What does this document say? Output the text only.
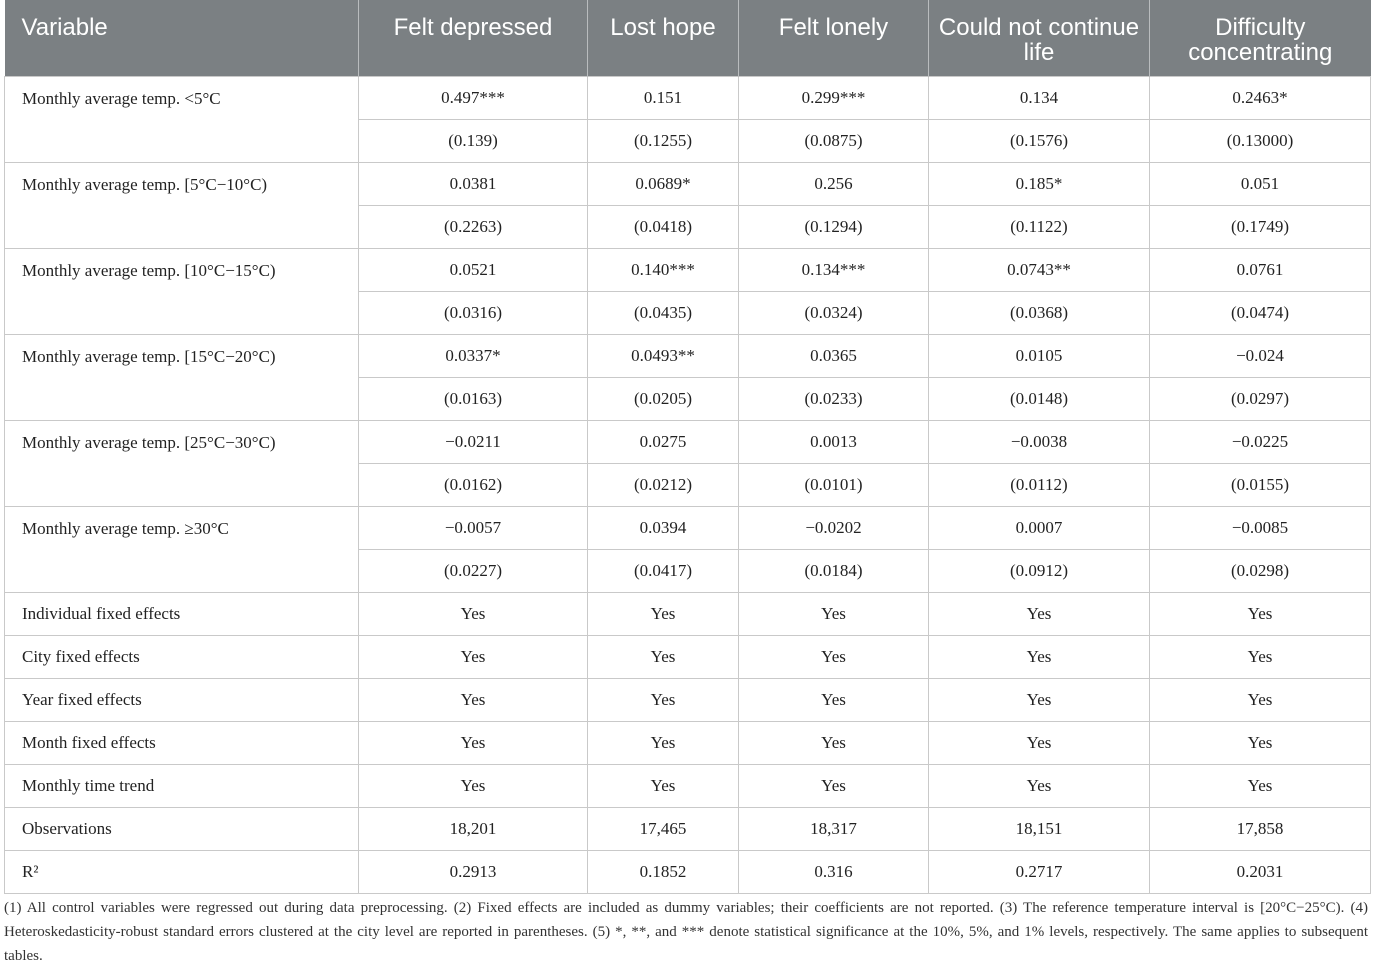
Variable	Felt depressed	Lost hope	Felt lonely	Could not continue life	Difficulty concentrating
Monthly average temp. <5°C	0.497***	0.151	0.299***	0.134	0.2463*
	(0.139)	(0.1255)	(0.0875)	(0.1576)	(0.13000)
Monthly average temp. [5°C−10°C)	0.0381	0.0689*	0.256	0.185*	0.051
	(0.2263)	(0.0418)	(0.1294)	(0.1122)	(0.1749)
Monthly average temp. [10°C−15°C)	0.0521	0.140***	0.134***	0.0743**	0.0761
	(0.0316)	(0.0435)	(0.0324)	(0.0368)	(0.0474)
Monthly average temp. [15°C−20°C)	0.0337*	0.0493**	0.0365	0.0105	−0.024
	(0.0163)	(0.0205)	(0.0233)	(0.0148)	(0.0297)
Monthly average temp. [25°C−30°C)	−0.0211	0.0275	0.0013	−0.0038	−0.0225
	(0.0162)	(0.0212)	(0.0101)	(0.0112)	(0.0155)
Monthly average temp. ≥30°C	−0.0057	0.0394	−0.0202	0.0007	−0.0085
	(0.0227)	(0.0417)	(0.0184)	(0.0912)	(0.0298)
Individual fixed effects	Yes	Yes	Yes	Yes	Yes
City fixed effects	Yes	Yes	Yes	Yes	Yes
Year fixed effects	Yes	Yes	Yes	Yes	Yes
Month fixed effects	Yes	Yes	Yes	Yes	Yes
Monthly time trend	Yes	Yes	Yes	Yes	Yes
Observations	18,201	17,465	18,317	18,151	17,858
R²	0.2913	0.1852	0.316	0.2717	0.2031
(1) All control variables were regressed out during data preprocessing. (2) Fixed effects are included as dummy variables; their coefficients are not reported. (3) The reference temperature interval is [20°C−25°C). (4) Heteroskedasticity-robust standard errors clustered at the city level are reported in parentheses. (5) *, **, and *** denote statistical significance at the 10%, 5%, and 1% levels, respectively. The same applies to subsequent tables.
